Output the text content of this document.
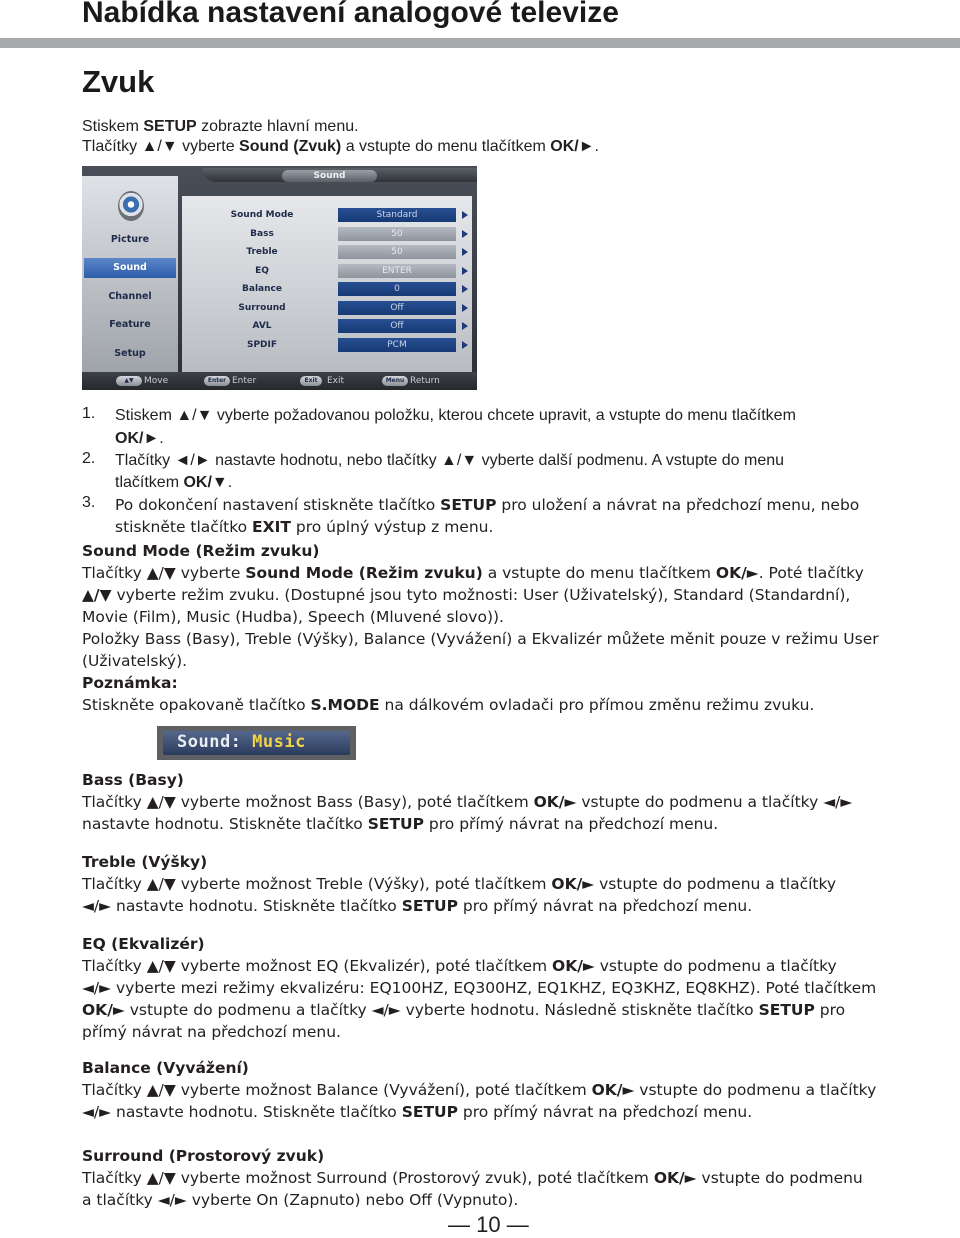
Nabídka nastavení analogové televize
Zvuk
Stiskem SETUP zobrazte hlavní menu.
Tlačítky ▲/▼ vyberte Sound (Zvuk) a vstupte do menu tlačítkem OK/►.
Sound
Picture
Sound
Channel
Feature
Setup
Sound Mode	Standard
Bass	50
Treble	50
EQ	ENTER
Balance	0
Surround	Off
AVL	Off
SPDIF	PCM
▲▼	Move	Enter Enter	Exit	Exit	Menu Return
1. Stiskem ▲/▼ vyberte požadovanou položku, kterou chcete upravit, a vstupte do menu tlačítkem
OK/►.
2. Tlačítky ◄/► nastavte hodnotu, nebo tlačítky ▲/▼ vyberte další podmenu. A vstupte do menu
tlačítkem OK/▼.
3. Po dokončení nastavení stiskněte tlačítko SETUP pro uložení a návrat na předchozí menu, nebo
stiskněte tlačítko EXIT pro úplný výstup z menu.
Sound Mode (Režim zvuku)
Tlačítky ▲/▼ vyberte Sound Mode (Režim zvuku) a vstupte do menu tlačítkem OK/►. Poté tlačítky
▲/▼ vyberte režim zvuku. (Dostupné jsou tyto možnosti: User (Uživatelský), Standard (Standardní),
Movie (Film), Music (Hudba), Speech (Mluvené slovo)).
Položky Bass (Basy), Treble (Výšky), Balance (Vyvážení) a Ekvalizér můžete měnit pouze v režimu User
(Uživatelský).
Poznámka:
Stiskněte opakovaně tlačítko S.MODE na dálkovém ovladači pro přímou změnu režimu zvuku.
Sound: Music
Bass (Basy)
Tlačítky ▲/▼ vyberte možnost Bass (Basy), poté tlačítkem OK/► vstupte do podmenu a tlačítky ◄/►
nastavte hodnotu. Stiskněte tlačítko SETUP pro přímý návrat na předchozí menu.
Treble (Výšky)
Tlačítky ▲/▼ vyberte možnost Treble (Výšky), poté tlačítkem OK/► vstupte do podmenu a tlačítky
◄/► nastavte hodnotu. Stiskněte tlačítko SETUP pro přímý návrat na předchozí menu.
EQ (Ekvalizér)
Tlačítky ▲/▼ vyberte možnost EQ (Ekvalizér), poté tlačítkem OK/► vstupte do podmenu a tlačítky
◄/► vyberte mezi režimy ekvalizéru: EQ100HZ, EQ300HZ, EQ1KHZ, EQ3KHZ, EQ8KHZ). Poté tlačítkem
OK/► vstupte do podmenu a tlačítky ◄/► vyberte hodnotu. Následně stiskněte tlačítko SETUP pro
přímý návrat na předchozí menu.
Balance (Vyvážení)
Tlačítky ▲/▼ vyberte možnost Balance (Vyvážení), poté tlačítkem OK/► vstupte do podmenu a tlačítky
◄/► nastavte hodnotu. Stiskněte tlačítko SETUP pro přímý návrat na předchozí menu.
Surround (Prostorový zvuk)
Tlačítky ▲/▼ vyberte možnost Surround (Prostorový zvuk), poté tlačítkem OK/► vstupte do podmenu
a tlačítky ◄/► vyberte On (Zapnuto) nebo Off (Vypnuto).
— 10 —
